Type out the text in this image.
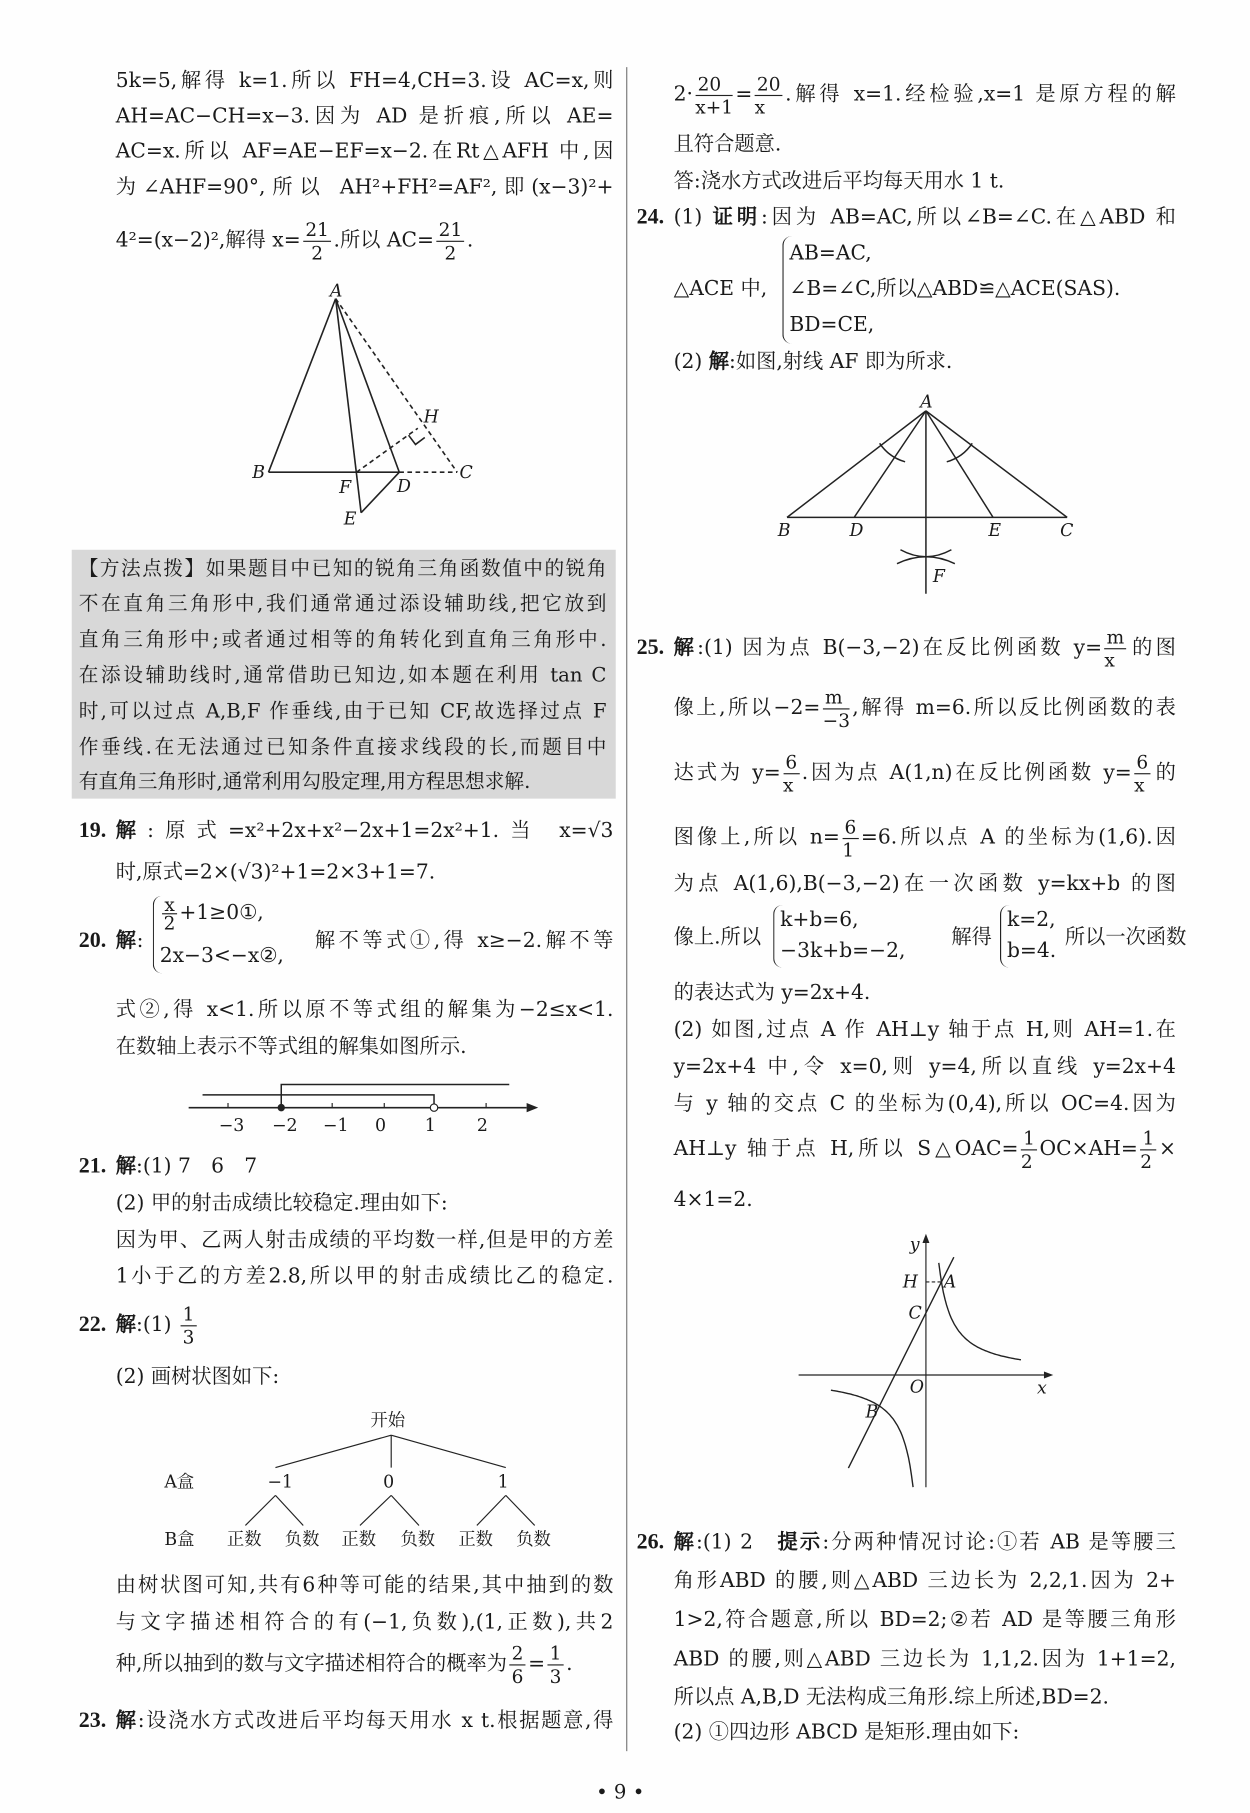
5k=5,解得 k=1.所以 FH=4,CH=3.设 AC=x,则
AH=AC−CH=x−3.因为 AD 是折痕,所以 AE=
AC=x.所以 AF=AE−EF=x−2.在Rt△AFH 中,因
为∠AHF=90°,所以 AH²+FH²=AF²,即(x−3)²+
4²=(x−2)²,解得 $x= \frac{21}{2}$ .所以 $AC= \frac{21}{2}$ .
A
B	C
D
E
F
H
【方法点拨】如果题目中已知的锐角三角函数值中的锐角
不在直角三角形中,我们通常通过添设辅助线,把它放到
直角三角形中;或者通过相等的角转化到直角三角形中.
在添设辅助线时,通常借助已知边,如本题在利用 tan C
时,可以过点 A,B,F 作垂线,由于已知 CF,故选择过点 F
作垂线.在无法通过已知条件直接求线段的长,而题目中
有直角三角形时,通常利用勾股定理,用方程思想求解.
19. 解:原式=x²+2x+x²−2x+1=2x²+1.当 x=√3
时,原式=2×(√3)²+1=2×3+1=7.
20. 解 :
$\frac{x}{2}$ +1≥0①,
2x−3<−x②,
解不等式①,得 x≥−2.解不等
式②,得 x<1.所以原不等式组的解集为−2≤x<1.
在数轴上表示不等式组的解集如图所示.
−3 −2 −1 0	1	2
21. 解:(1) 7　6　7
(2) 甲的射击成绩比较稳定.理由如下:
因为甲、乙两人射击成绩的平均数一样,但是甲的方差
1小于乙的方差2.8,所以甲的射击成绩比乙的稳定.
22. 解:(1) $\frac{1}{3}$
(2) 画树状图如下:
开始
A盒
B盒
−1	0	1
正数 负数 正数 负数 正数 负数
由树状图可知,共有6种等可能的结果,其中抽到的数
与文字描述相符合的有(−1,负数),(1,正数),共2
种,所以抽到的数与文字描述相符合的概率为 $\frac{2}{6} = \frac{1}{3}$ .
23. 解:设浇水方式改进后平均每天用水 x t.根据题意,得
$2\cdot \frac{20}{x+1} = \frac{20}{x}$ .解得 x=1.经检验,x=1 是原方程的解
且符合题意.
答:浇水方式改进后平均每天用水 1 t.
24. (1) 证明:因为 AB=AC,所以∠B=∠C.在△ABD 和
△ACE 中,
AB=AC,
∠B=∠C,所以△ABD≌△ACE(SAS).
BD=CE,
(2) 解:如图,射线 AF 即为所求.
A
B	D	E	C
F
25. 解:(1) 因为点 B(−3,−2)在反比例函数 $y= \frac{m}{x}$ 的图
像上,所以$-2= \frac{m}{-3}$ ,解得 m=6.所以反比例函数的表
达式为 $y= \frac{6}{x}$ .因为点 A(1,n)在反比例函数 $y= \frac{6}{x}$ 的
图像上,所以 $n= \frac{6}{1} =6$.所以点 A 的坐标为(1,6).因
为点 A(1,6),B(−3,−2)在一次函数 y=kx+b 的图
像上.所以
k+b=6,
−3k+b=−2,
解得
k=2,
b=4.
所以一次函数
的表达式为 y=2x+4.
(2) 如图,过点 A 作 AH⊥y 轴于点 H,则 AH=1.在
y=2x+4 中,令 x=0,则 y=4,所以直线 y=2x+4
与 y 轴的交点 C 的坐标为(0,4),所以 OC=4.因为
AH⊥y 轴于点 H,所以 S△OAC= $\frac{1}{2} OC\times AH= \frac{1}{2}$ ×
4×1=2.
y
x
O
A
H
C
B
26. 解:(1) 2　提示:分两种情况讨论:①若 AB 是等腰三
角形ABD 的腰,则△ABD 三边长为 2,2,1.因为 2+
1>2,符合题意,所以 BD=2;②若 AD 是等腰三角形
ABD 的腰,则△ABD 三边长为 1,1,2.因为 1+1=2,
所以点 A,B,D 无法构成三角形.综上所述,BD=2.
(2) ①四边形 ABCD 是矩形.理由如下:
• 9 •
